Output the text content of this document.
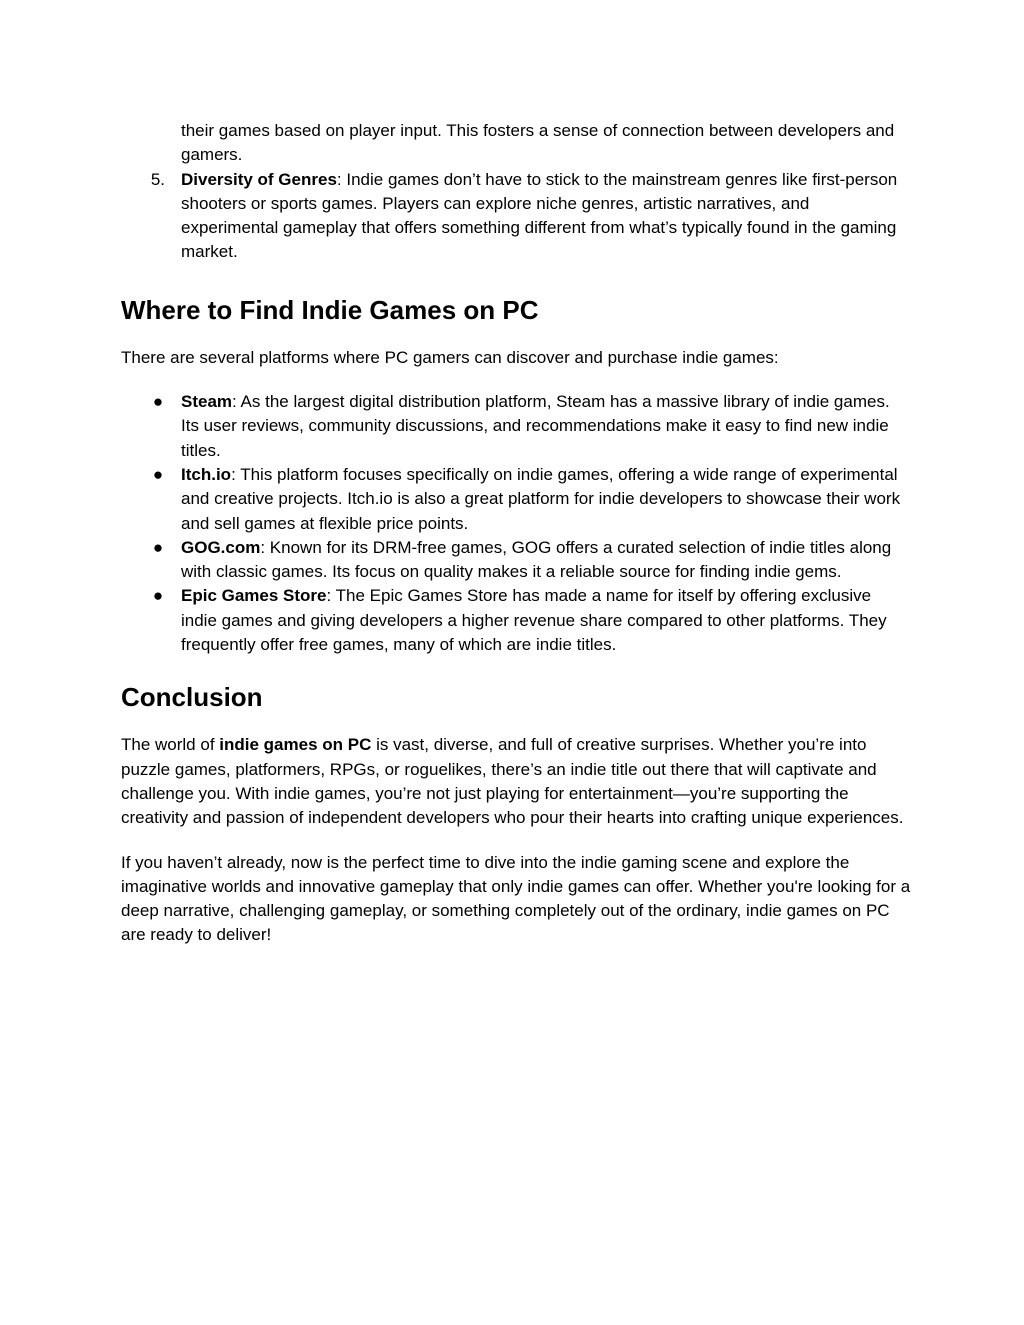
their games based on player input. This fosters a sense of connection between developers and gamers.
5. Diversity of Genres: Indie games don’t have to stick to the mainstream genres like first-person shooters or sports games. Players can explore niche genres, artistic narratives, and experimental gameplay that offers something different from what’s typically found in the gaming market.
Where to Find Indie Games on PC

There are several platforms where PC gamers can discover and purchase indie games:

● Steam: As the largest digital distribution platform, Steam has a massive library of indie games. Its user reviews, community discussions, and recommendations make it easy to find new indie titles.
● Itch.io: This platform focuses specifically on indie games, offering a wide range of experimental and creative projects. Itch.io is also a great platform for indie developers to showcase their work and sell games at flexible price points.
● GOG.com: Known for its DRM-free games, GOG offers a curated selection of indie titles along with classic games. Its focus on quality makes it a reliable source for finding indie gems.
● Epic Games Store: The Epic Games Store has made a name for itself by offering exclusive indie games and giving developers a higher revenue share compared to other platforms. They frequently offer free games, many of which are indie titles.
Conclusion

The world of indie games on PC is vast, diverse, and full of creative surprises. Whether you’re into puzzle games, platformers, RPGs, or roguelikes, there’s an indie title out there that will captivate and challenge you. With indie games, you’re not just playing for entertainment—you’re supporting the creativity and passion of independent developers who pour their hearts into crafting unique experiences.

If you haven’t already, now is the perfect time to dive into the indie gaming scene and explore the imaginative worlds and innovative gameplay that only indie games can offer. Whether you're looking for a deep narrative, challenging gameplay, or something completely out of the ordinary, indie games on PC are ready to deliver!
